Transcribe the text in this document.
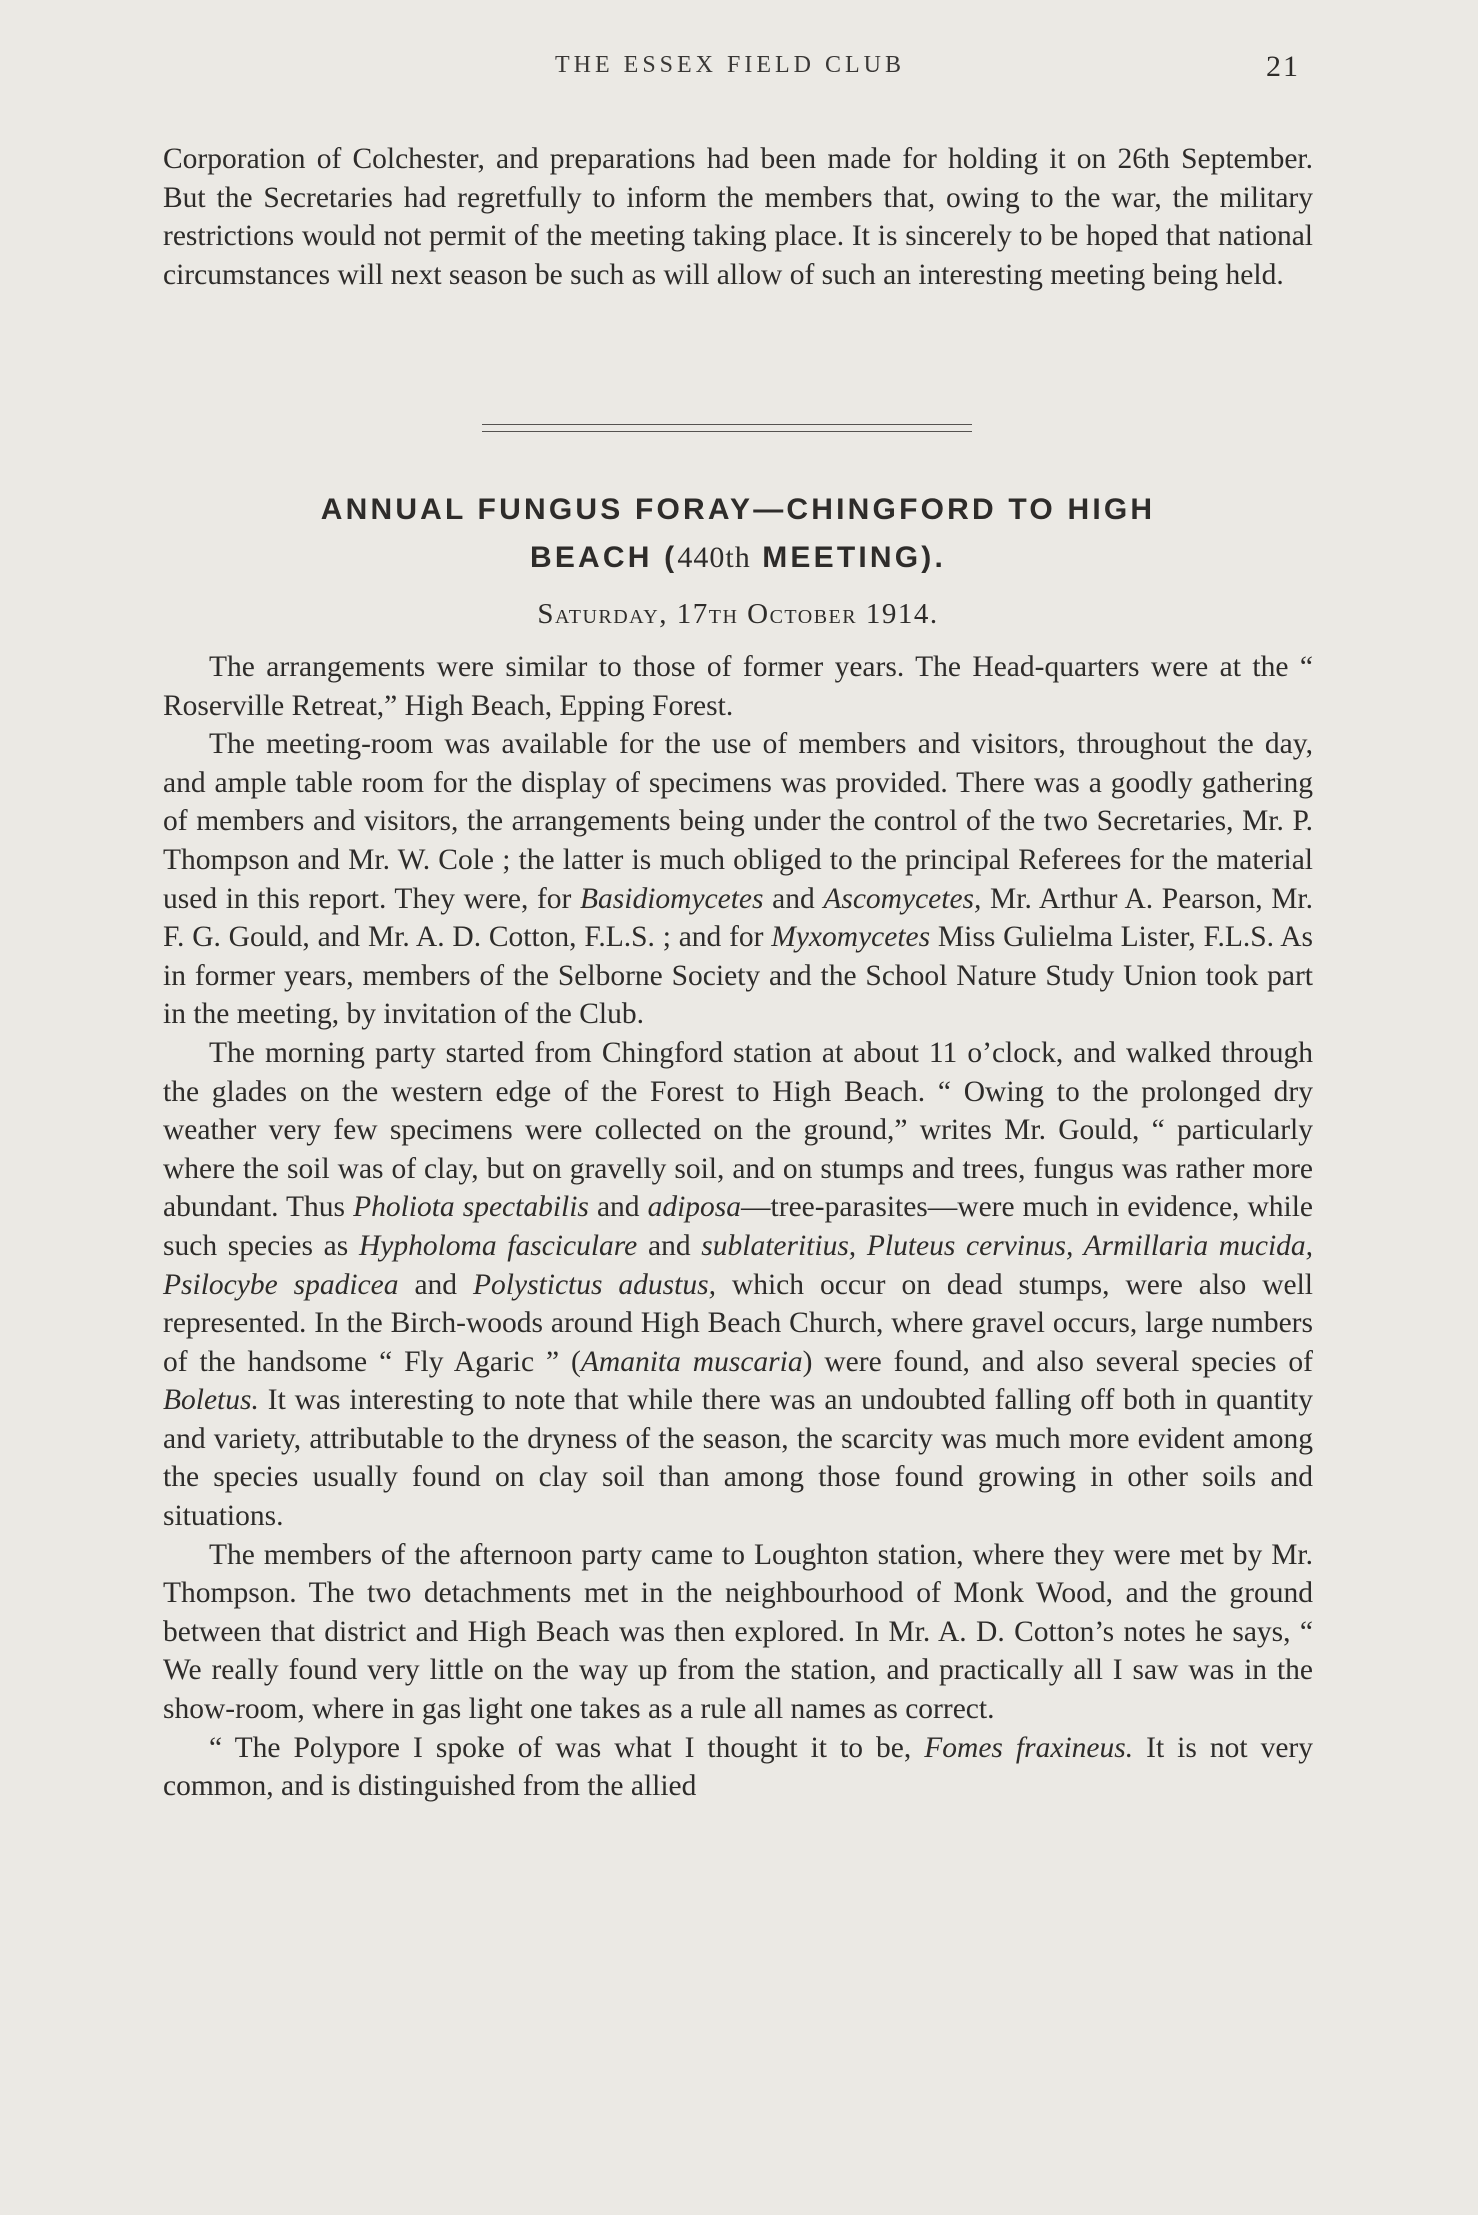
THE ESSEX FIELD CLUB	21

Corporation of Colchester, and preparations had been made for holding it on 26th September. But the Secretaries had regretfully to inform the members that, owing to the war, the military restrictions would not permit of the meeting taking place. It is sincerely to be hoped that national circumstances will next season be such as will allow of such an interesting meeting being held.

ANNUAL FUNGUS FORAY—CHINGFORD TO HIGH
BEACH (440th MEETING).
Saturday, 17th October 1914.

The arrangements were similar to those of former years. The Head-quarters were at the “ Roserville Retreat,” High Beach, Epping Forest.

The meeting-room was available for the use of members and visitors, throughout the day, and ample table room for the display of specimens was provided. There was a goodly gathering of members and visitors, the arrangements being under the control of the two Secretaries, Mr. P. Thompson and Mr. W. Cole ; the latter is much obliged to the principal Referees for the material used in this report. They were, for Basidiomycetes and Ascomycetes, Mr. Arthur A. Pearson, Mr. F. G. Gould, and Mr. A. D. Cotton, F.L.S. ; and for Myxomycetes Miss Gulielma Lister, F.L.S. As in former years, members of the Selborne Society and the School Nature Study Union took part in the meeting, by invitation of the Club.

The morning party started from Chingford station at about 11 o’clock, and walked through the glades on the western edge of the Forest to High Beach. “ Owing to the prolonged dry weather very few specimens were collected on the ground,” writes Mr. Gould, “ particularly where the soil was of clay, but on gravelly soil, and on stumps and trees, fungus was rather more abundant. Thus Pholiota spectabilis and adiposa—tree-parasites—were much in evidence, while such species as Hypholoma fasciculare and sublateritius, Pluteus cervinus, Armillaria mucida, Psilocybe spadicea and Polystictus adustus, which occur on dead stumps, were also well represented. In the Birch-woods around High Beach Church, where gravel occurs, large numbers of the handsome “ Fly Agaric ” (Amanita muscaria) were found, and also several species of Boletus. It was interesting to note that while there was an undoubted falling off both in quantity and variety, attributable to the dryness of the season, the scarcity was much more evident among the species usually found on clay soil than among those found growing in other soils and situations.

The members of the afternoon party came to Loughton station, where they were met by Mr. Thompson. The two detachments met in the neighbourhood of Monk Wood, and the ground between that district and High Beach was then explored. In Mr. A. D. Cotton’s notes he says, “ We really found very little on the way up from the station, and practically all I saw was in the show-room, where in gas light one takes as a rule all names as correct.

“ The Polypore I spoke of was what I thought it to be, Fomes fraxineus. It is not very common, and is distinguished from the allied
